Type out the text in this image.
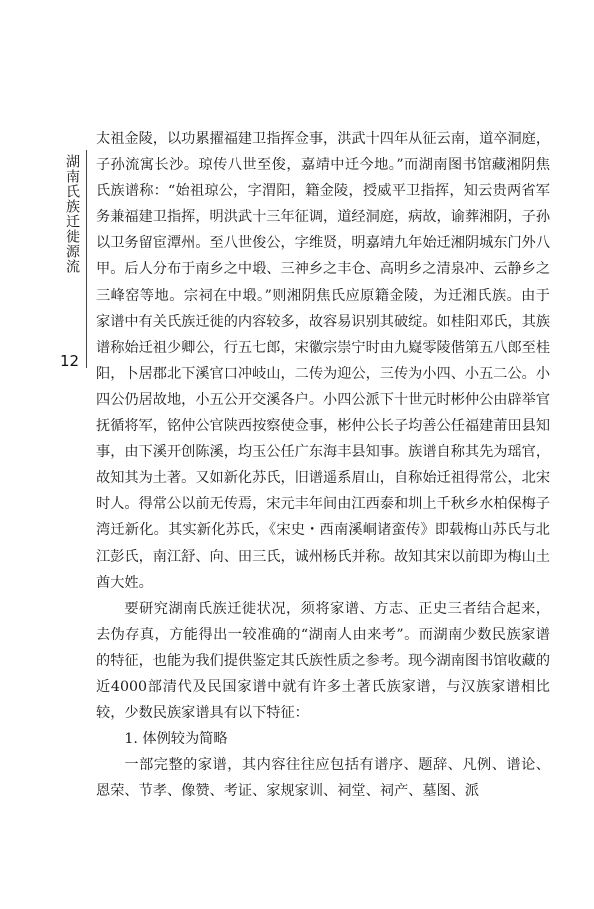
湖南氏族迁徙源流
12

太祖金陵，以功累擢福建卫指挥佥事，洪武十四年从征云南，道卒洞庭，子孙流寓长沙。琼传八世至俊，嘉靖中迁今地。”而湖南图书馆藏湘阴焦氏族谱称：“始祖琼公，字渭阳，籍金陵，授威平卫指挥，知云贵两省军务兼福建卫指挥，明洪武十三年征调，道经洞庭，病故，谕葬湘阴，子孙以卫务留宦潭州。至八世俊公，字维贤，明嘉靖九年始迁湘阴城东门外八甲。后人分布于南乡之中塅、三神乡之丰仓、高明乡之清泉冲、云静乡之三峰窑等地。宗祠在中塅。”则湘阴焦氏应原籍金陵，为迁湘氏族。由于家谱中有关氏族迁徙的内容较多，故容易识别其破绽。如桂阳邓氏，其族谱称始迁祖少卿公，行五七郎，宋徽宗崇宁时由九嶷零陵偕第五八郎至桂阳，卜居郡北下溪官口冲岐山，二传为迎公，三传为小四、小五二公。小四公仍居故地，小五公开交溪各户。小四公派下十世元时彬仲公由辟举官抚循将军，铭仲公官陕西按察使佥事，彬仲公长子均善公任福建莆田县知事，由下溪开创陈溪，均玉公任广东海丰县知事。族谱自称其先为瑶官，故知其为土著。又如新化苏氏，旧谱遥系眉山，自称始迁祖得常公，北宋时人。得常公以前无传焉，宋元丰年间由江西泰和圳上千秋乡水柏保梅子湾迁新化。其实新化苏氏，《宋史・西南溪峒诸蛮传》即载梅山苏氏与北江彭氏，南江舒、向、田三氏，诚州杨氏并称。故知其宋以前即为梅山土酋大姓。

要研究湖南氏族迁徙状况，须将家谱、方志、正史三者结合起来，去伪存真，方能得出一较准确的“湖南人由来考”。而湖南少数民族家谱的特征，也能为我们提供鉴定其氏族性质之参考。现今湖南图书馆收藏的近4000部清代及民国家谱中就有许多土著氏族家谱，与汉族家谱相比较，少数民族家谱具有以下特征：

1. 体例较为简略

一部完整的家谱，其内容往往应包括有谱序、题辞、凡例、谱论、恩荣、节孝、像赞、考证、家规家训、祠堂、祠产、墓图、派
